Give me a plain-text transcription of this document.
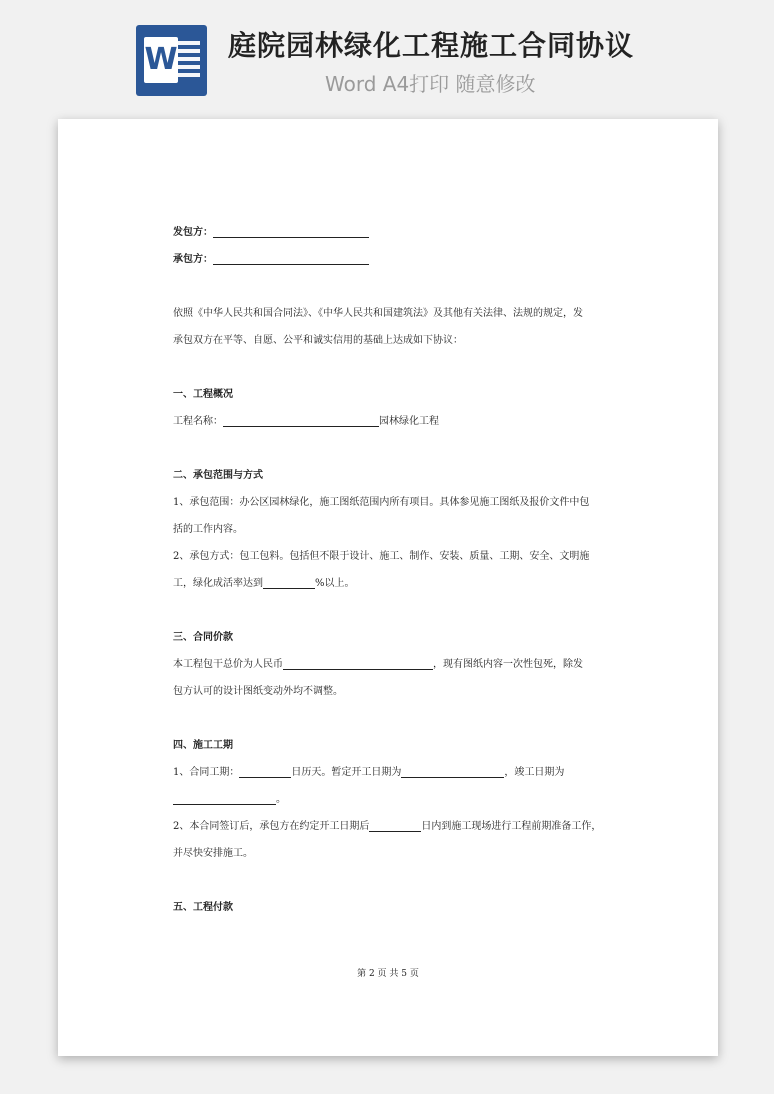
W 庭院园林绿化工程施工合同协议
Word A4打印 随意修改
发包方：
承包方：
依照《中华人民共和国合同法》、《中华人民共和国建筑法》及其他有关法律、法规的规定，发
承包双方在平等、自愿、公平和诚实信用的基础上达成如下协议：
一、工程概况
工程名称：	园林绿化工程
二、承包范围与方式
1、承包范围：办公区园林绿化，施工图纸范围内所有项目。具体参见施工图纸及报价文件中包
括的工作内容。
2、承包方式：包工包料。包括但不限于设计、施工、制作、安装、质量、工期、安全、文明施
工，绿化成活率达到	%以上。
三、合同价款
本工程包干总价为人民币	，现有图纸内容一次性包死，除发
包方认可的设计图纸变动外均不调整。
四、施工工期
1、合同工期：	日历天。暂定开工日期为	，竣工日期为
。
2、本合同签订后，承包方在约定开工日期后	日内到施工现场进行工程前期准备工作，
并尽快安排施工。
五、工程付款
第 2 页 共 5 页
